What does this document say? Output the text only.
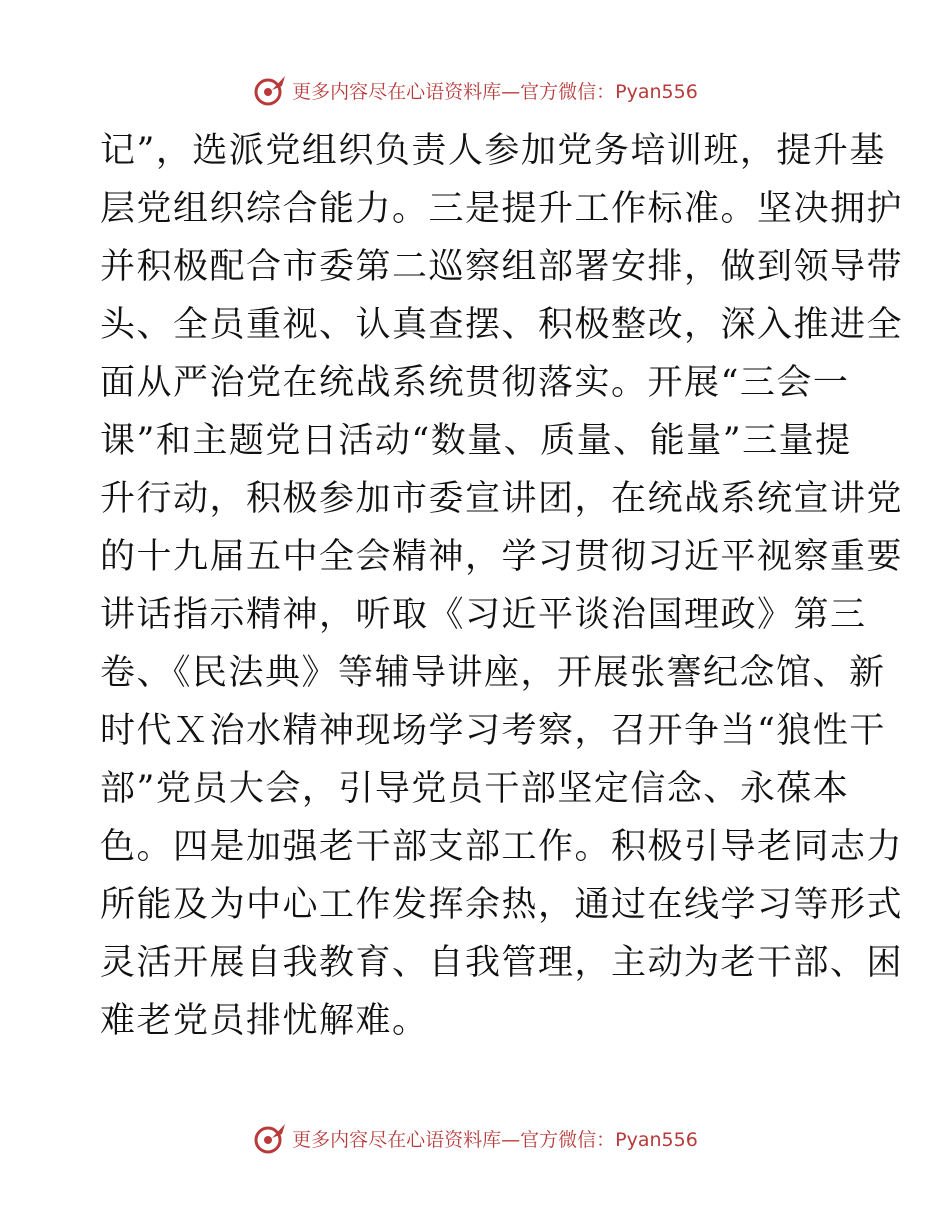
更多内容尽在心语资料库—官方微信：Pyan556
记”，选派党组织负责人参加党务培训班，提升基
层党组织综合能力。三是提升工作标准。坚决拥护
并积极配合市委第二巡察组部署安排，做到领导带
头、全员重视、认真查摆、积极整改，深入推进全
面从严治党在统战系统贯彻落实。开展“三会一
课”和主题党日活动“数量、质量、能量”三量提
升行动，积极参加市委宣讲团，在统战系统宣讲党
的十九届五中全会精神，学习贯彻习近平视察重要
讲话指示精神，听取《习近平谈治国理政》第三
卷、《民法典》等辅导讲座，开展张謇纪念馆、新
时代Ｘ治水精神现场学习考察，召开争当“狼性干
部”党员大会，引导党员干部坚定信念、永葆本
色。四是加强老干部支部工作。积极引导老同志力
所能及为中心工作发挥余热，通过在线学习等形式
灵活开展自我教育、自我管理，主动为老干部、困
难老党员排忧解难。
更多内容尽在心语资料库—官方微信：Pyan556
